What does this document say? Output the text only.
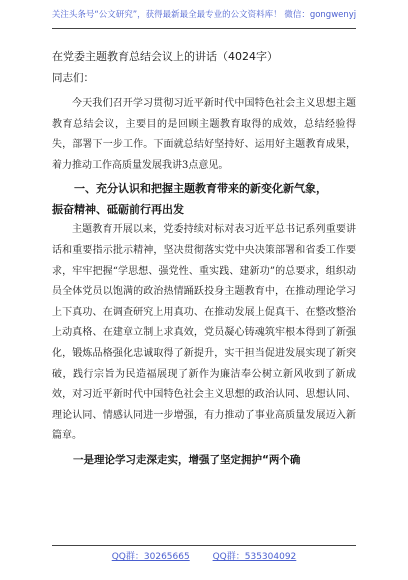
关注头条号“公文研究”，获得最新最全最专业的公文资料库！ 微信：gongwenyj

在党委主题教育总结会议上的讲话（4024字）

同志们：

今天我们召开学习贯彻习近平新时代中国特色社会主义思想主题教育总结会议，主要目的是回顾主题教育取得的成效，总结经验得失，部署下一步工作。下面就总结好坚持好、运用好主题教育成果，着力推动工作高质量发展我讲3点意见。

一、充分认识和把握主题教育带来的新变化新气象，

振奋精神、砥砺前行再出发

主题教育开展以来，党委持续对标对表习近平总书记系列重要讲话和重要指示批示精神，坚决贯彻落实党中央决策部署和省委工作要求，牢牢把握“学思想、强党性、重实践、建新功”的总要求，组织动员全体党员以饱满的政治热情踊跃投身主题教育中，在推动理论学习上下真功、在调查研究上用真功、在推动发展上促真干、在整改整治上动真格、在建章立制上求真效，党员凝心铸魂筑牢根本得到了新强化，锻炼品格强化忠诚取得了新提升，实干担当促进发展实现了新突破，践行宗旨为民造福展现了新作为廉洁奉公树立新风收到了新成效，对习近平新时代中国特色社会主义思想的政治认同、思想认同、理论认同、情感认同进一步增强，有力推动了事业高质量发展迈入新篇章。

一是理论学习走深走实，增强了坚定拥护“两个确

QQ群：30265665	QQ群：535304092
